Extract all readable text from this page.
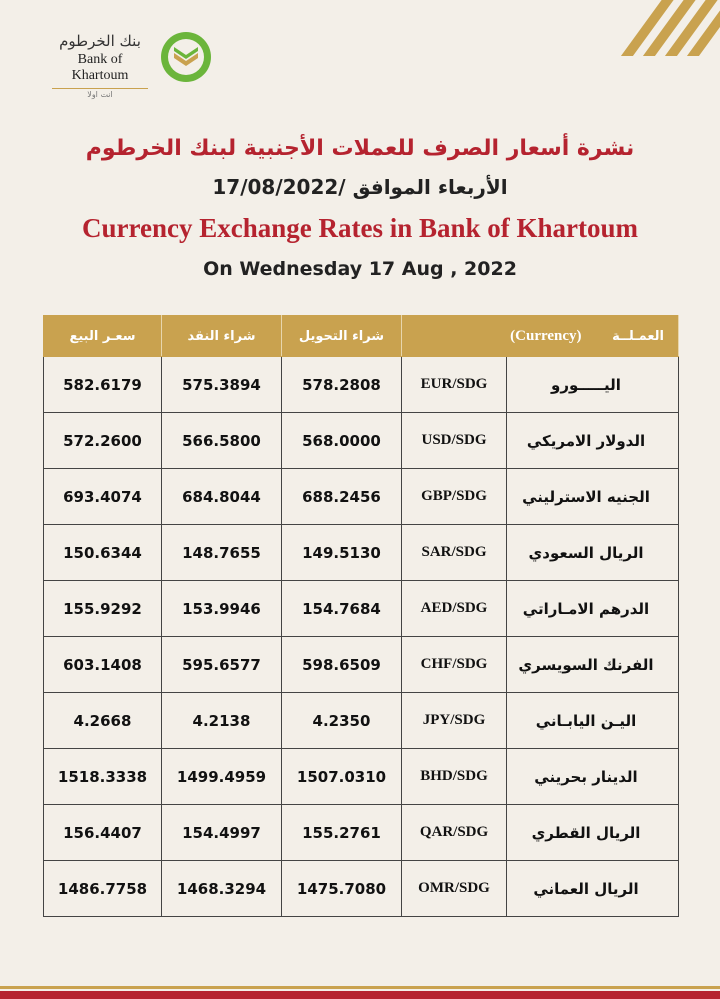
بنك الخرطوم
Bank of Khartoum
انت اولا
نشرة أسعار الصرف للعملات الأجنبية لبنك الخرطوم
الأربعاء الموافق /17/08/2022
Currency Exchange Rates in Bank of Khartoum
On Wednesday 17 Aug , 2022
سعـر البيع	شراء النقد	شراء التحويل	العمـلــة (Currency)	
582.6179	575.3894	578.2808	EUR/SDG	اليـــــورو
572.2600	566.5800	568.0000	USD/SDG	الدولار الامريكي
693.4074	684.8044	688.2456	GBP/SDG	الجنيه الاسترليني
150.6344	148.7655	149.5130	SAR/SDG	الريال السعودي
155.9292	153.9946	154.7684	AED/SDG	الدرهم الامـاراتي
603.1408	595.6577	598.6509	CHF/SDG	الفرنك السويسري
4.2668	4.2138	4.2350	JPY/SDG	اليـن اليابـاني
1518.3338	1499.4959	1507.0310	BHD/SDG	الدينار بحريني
156.4407	154.4997	155.2761	QAR/SDG	الريال القطري
1486.7758	1468.3294	1475.7080	OMR/SDG	الريال العماني
